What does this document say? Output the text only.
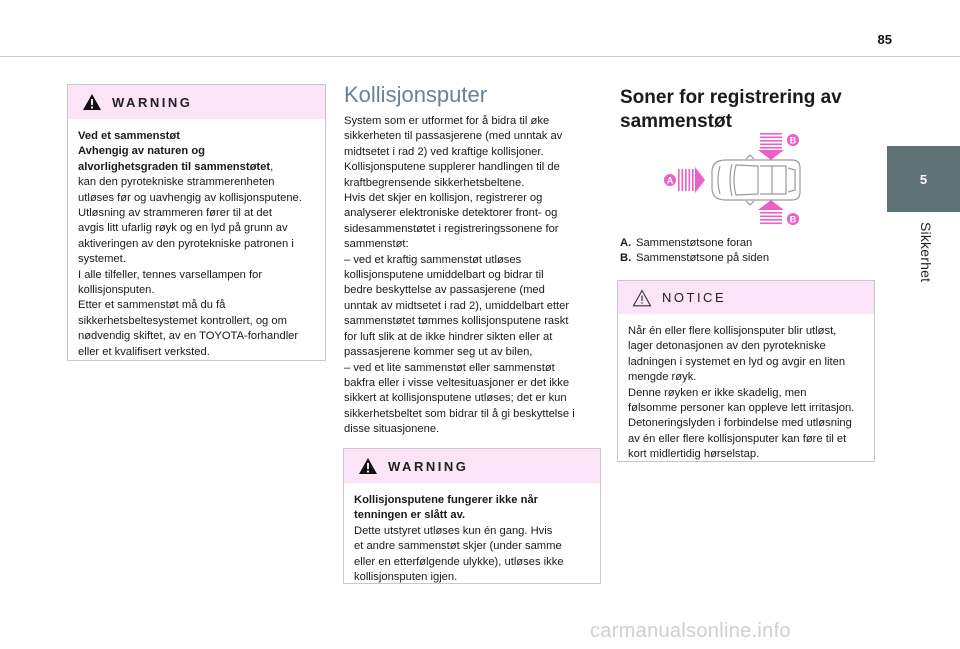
85
5
Sikkerhet
WARNING

Ved et sammenstøt

Avhengig av naturen og

alvorlighetsgraden til sammenstøtet,

kan den pyrotekniske strammerenheten

utløses før og uavhengig av kollisjonsputene.

Utløsning av strammeren fører til at det

avgis litt ufarlig røyk og en lyd på grunn av

aktiveringen av den pyrotekniske patronen i

systemet.

I alle tilfeller, tennes varsellampen for

kollisjonsputen.

Etter et sammenstøt må du få

sikkerhetsbeltesystemet kontrollert, og om

nødvendig skiftet, av en TOYOTA-forhandler

eller et kvalifisert verksted.

Kollisjonsputer

System som er utformet for å bidra til øke

sikkerheten til passasjerene (med unntak av

midtsetet i rad 2) ved kraftige kollisjoner.

Kollisjonsputene supplerer handlingen til de

kraftbegrensende sikkerhetsbeltene.

Hvis det skjer en kollisjon, registrerer og

analyserer elektroniske detektorer front- og

sidesammenstøtet i registreringssonene for

sammenstøt:

– ved et kraftig sammenstøt utløses

kollisjonsputene umiddelbart og bidrar til

bedre beskyttelse av passasjerene (med

unntak av midtsetet i rad 2), umiddelbart etter

sammenstøtet tømmes kollisjonsputene raskt

for luft slik at de ikke hindrer sikten eller at

passasjerene kommer seg ut av bilen,

– ved et lite sammenstøt eller sammenstøt

bakfra eller i visse veltesituasjoner er det ikke

sikkert at kollisjonsputene utløses; det er kun

sikkerhetsbeltet som bidrar til å gi beskyttelse i

disse situasjonene.

WARNING

Kollisjonsputene fungerer ikke når

tenningen er slått av.

Dette utstyret utløses kun én gang. Hvis

et andre sammenstøt skjer (under samme

eller en etterfølgende ulykke), utløses ikke

kollisjonsputen igjen.

Soner for registrering av
sammenstøt
B
B
A

A. Sammenstøtsone foran

B. Sammenstøtsone på siden

NOTICE

Når én eller flere kollisjonsputer blir utløst,

lager detonasjonen av den pyrotekniske

ladningen i systemet en lyd og avgir en liten

mengde røyk.

Denne røyken er ikke skadelig, men

følsomme personer kan oppleve lett irritasjon.

Detoneringslyden i forbindelse med utløsning

av én eller flere kollisjonsputer kan føre til et

kort midlertidig hørselstap.

carmanualsonline.info
